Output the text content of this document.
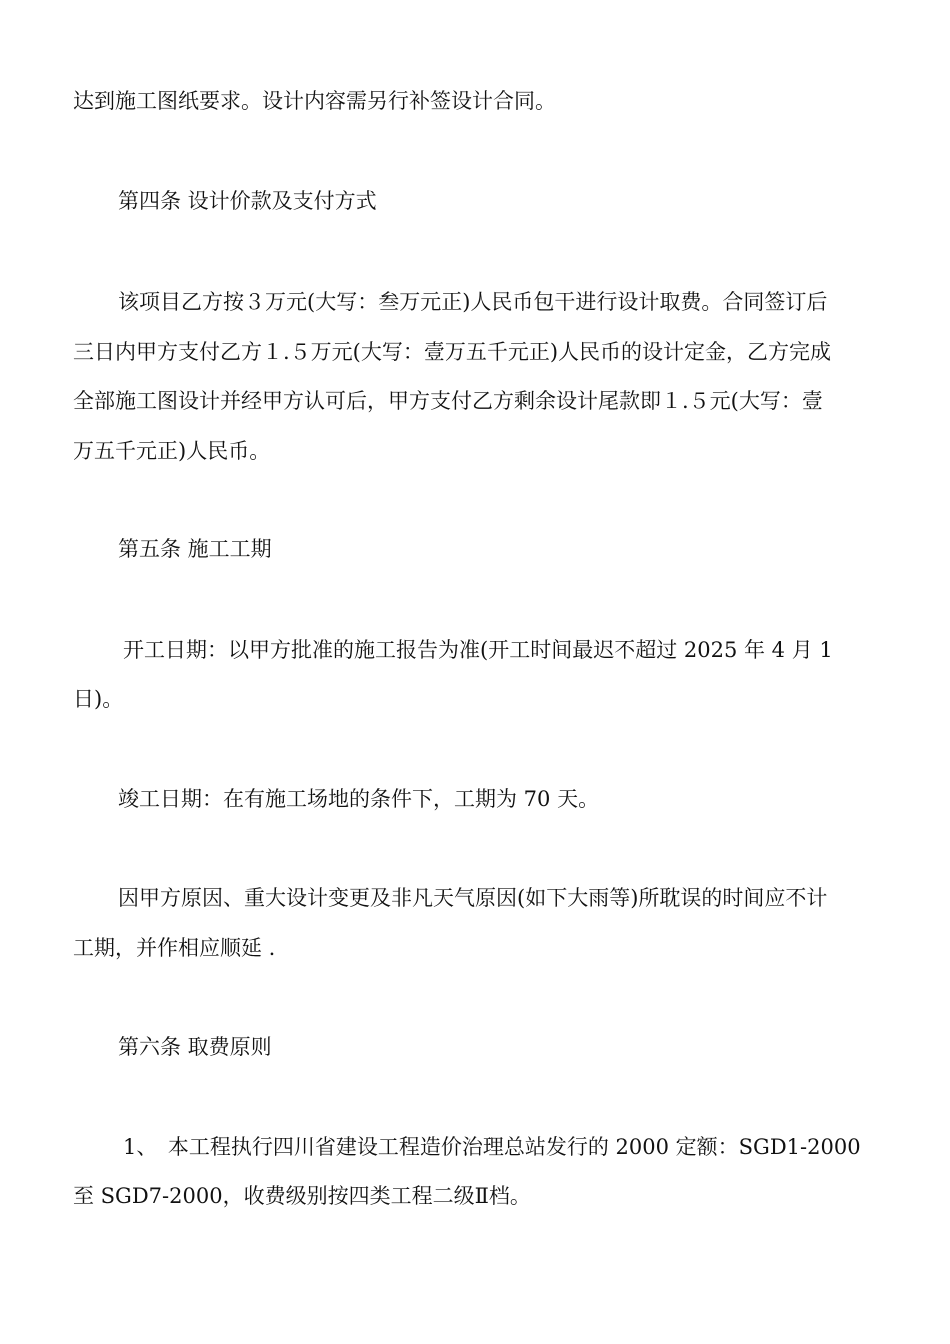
达到施工图纸要求。设计内容需另行补签设计合同。
第四条 设计价款及支付方式
该项目乙方按３万元(大写：叁万元正)人民币包干进行设计取费。合同签订后
三日内甲方支付乙方１.５万元(大写：壹万五千元正)人民币的设计定金，乙方完成
全部施工图设计并经甲方认可后，甲方支付乙方剩余设计尾款即１.５元(大写：壹
万五千元正)人民币。
第五条 施工工期
开工日期：以甲方批准的施工报告为准(开工时间最迟不超过 2025 年 4 月 1
日)。
竣工日期：在有施工场地的条件下，工期为 70 天。
因甲方原因、重大设计变更及非凡天气原因(如下大雨等)所耽误的时间应不计
工期，并作相应顺延 .
第六条 取费原则
1、　本工程执行四川省建设工程造价治理总站发行的 2000 定额：SGD1-2000
至 SGD7-2000，收费级别按四类工程二级Ⅱ档。
